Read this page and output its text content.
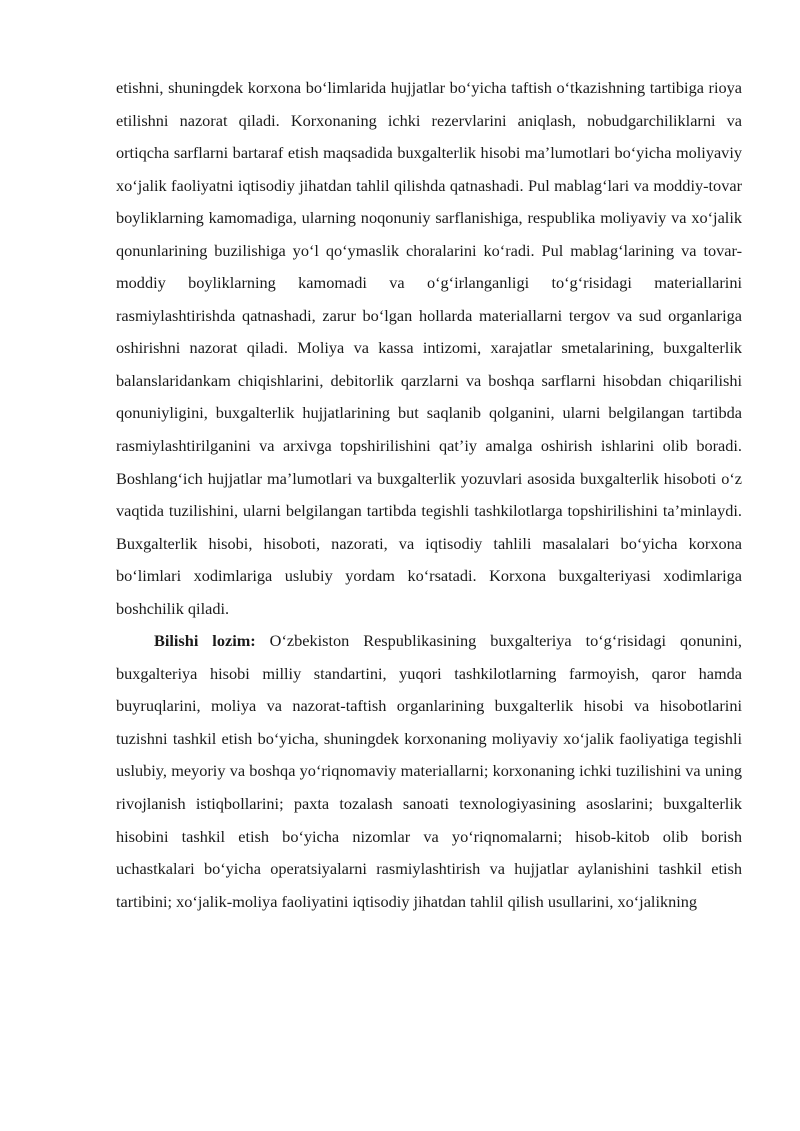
etishni, shuningdek korxona bo‘limlarida hujjatlar bo‘yicha taftish o‘tkazishning tartibiga rioya etilishni nazorat qiladi. Korxonaning ichki rezervlarini aniqlash, nobudgarchiliklarni va ortiqcha sarflarni bartaraf etish maqsadida buxgalterlik hisobi ma’lumotlari bo‘yicha moliyaviy xo‘jalik faoliyatni iqtisodiy jihatdan tahlil qilishda qatnashadi. Pul mablag‘lari va moddiy-tovar boyliklarning kamomadiga, ularning noqonuniy sarflanishiga, respublika moliyaviy va xo‘jalik qonunlarining buzilishiga yo‘l qo‘ymaslik choralarini ko‘radi. Pul mablag‘larining va tovar-moddiy boyliklarning kamomadi va o‘g‘irlanganligi to‘g‘risidagi materiallarini rasmiylashtirishda qatnashadi, zarur bo‘lgan hollarda materiallarni tergov va sud organlariga oshirishni nazorat qiladi. Moliya va kassa intizomi, xarajatlar smetalarining, buxgalterlik balanslaridankam chiqishlarini, debitorlik qarzlarni va boshqa sarflarni hisobdan chiqarilishi qonuniyligini, buxgalterlik hujjatlarining but saqlanib qolganini, ularni belgilangan tartibda rasmiylashtirilganini va arxivga topshirilishini qat’iy amalga oshirish ishlarini olib boradi. Boshlang‘ich hujjatlar ma’lumotlari va buxgalterlik yozuvlari asosida buxgalterlik hisoboti o‘z vaqtida tuzilishini, ularni belgilangan tartibda tegishli tashkilotlarga topshirilishini ta’minlaydi. Buxgalterlik hisobi, hisoboti, nazorati, va iqtisodiy tahlili masalalari bo‘yicha korxona bo‘limlari xodimlariga uslubiy yordam ko‘rsatadi. Korxona buxgalteriyasi xodimlariga boshchilik qiladi.

Bilishi lozim: O‘zbekiston Respublikasining buxgalteriya to‘g‘risidagi qonunini, buxgalteriya hisobi milliy standartini, yuqori tashkilotlarning farmoyish, qaror hamda buyruqlarini, moliya va nazorat-taftish organlarining buxgalterlik hisobi va hisobotlarini tuzishni tashkil etish bo‘yicha, shuningdek korxonaning moliyaviy xo‘jalik faoliyatiga tegishli uslubiy, meyoriy va boshqa yo‘riqnomaviy materiallarni; korxonaning ichki tuzilishini va uning rivojlanish istiqbollarini; paxta tozalash sanoati texnologiyasining asoslarini; buxgalterlik hisobini tashkil etish bo‘yicha nizomlar va yo‘riqnomalarni; hisob-kitob olib borish uchastkalari bo‘yicha operatsiyalarni rasmiylashtirish va hujjatlar aylanishini tashkil etish tartibini; xo‘jalik-moliya faoliyatini iqtisodiy jihatdan tahlil qilish usullarini, xo‘jalikning
